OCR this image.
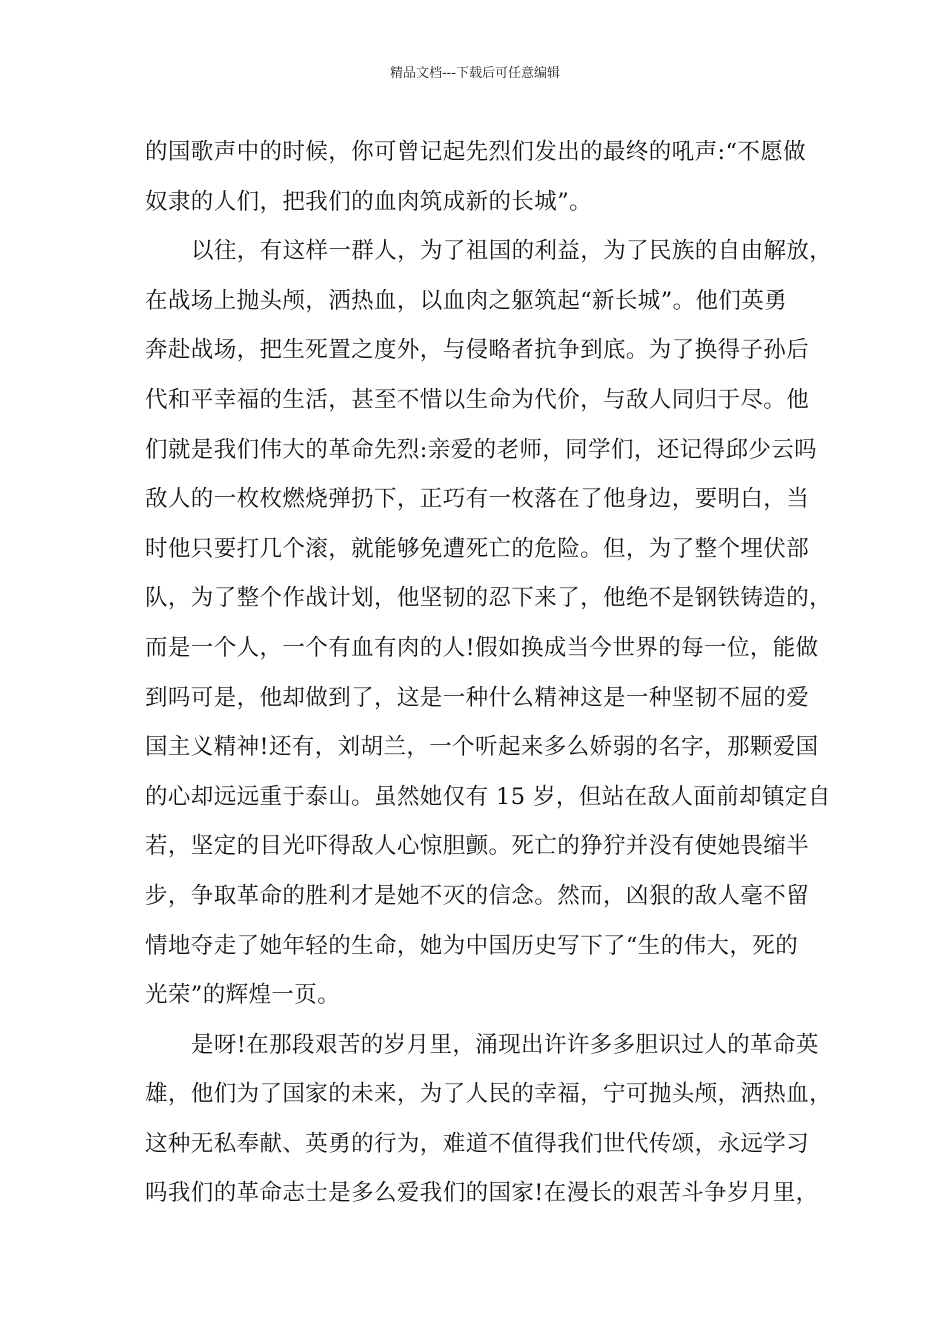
精品文档---下载后可任意编辑
的国歌声中的时候，你可曾记起先烈们发出的最终的吼声:“不愿做
奴隶的人们，把我们的血肉筑成新的长城”。
以往，有这样一群人，为了祖国的利益，为了民族的自由解放，
在战场上抛头颅，洒热血，以血肉之躯筑起“新长城”。他们英勇
奔赴战场，把生死置之度外，与侵略者抗争到底。为了换得子孙后
代和平幸福的生活，甚至不惜以生命为代价，与敌人同归于尽。他
们就是我们伟大的革命先烈:亲爱的老师，同学们，还记得邱少云吗
敌人的一枚枚燃烧弹扔下，正巧有一枚落在了他身边，要明白，当
时他只要打几个滚，就能够免遭死亡的危险。但，为了整个埋伏部
队，为了整个作战计划，他坚韧的忍下来了，他绝不是钢铁铸造的，
而是一个人，一个有血有肉的人!假如换成当今世界的每一位，能做
到吗可是，他却做到了，这是一种什么精神这是一种坚韧不屈的爱
国主义精神!还有，刘胡兰，一个听起来多么娇弱的名字，那颗爱国
的心却远远重于泰山。虽然她仅有 15 岁，但站在敌人面前却镇定自
若，坚定的目光吓得敌人心惊胆颤。死亡的狰狞并没有使她畏缩半
步，争取革命的胜利才是她不灭的信念。然而，凶狠的敌人毫不留
情地夺走了她年轻的生命，她为中国历史写下了“生的伟大，死的
光荣”的辉煌一页。
是呀!在那段艰苦的岁月里，涌现出许许多多胆识过人的革命英
雄，他们为了国家的未来，为了人民的幸福，宁可抛头颅，洒热血，
这种无私奉献、英勇的行为，难道不值得我们世代传颂，永远学习
吗我们的革命志士是多么爱我们的国家!在漫长的艰苦斗争岁月里，
